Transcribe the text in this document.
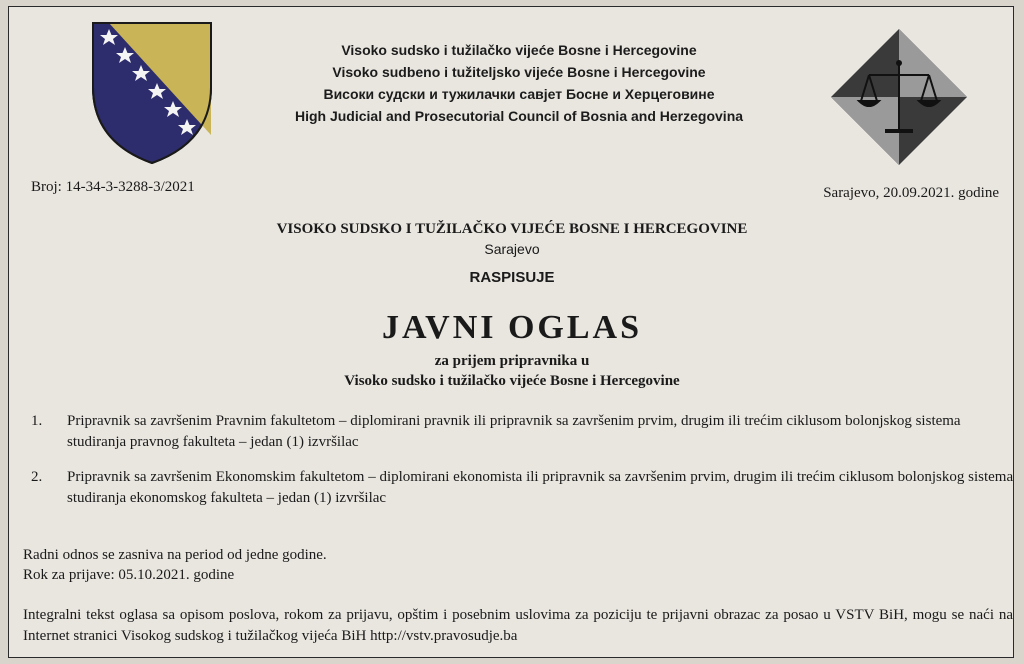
Visoko sudsko i tužilačko vijeće Bosne i Hercegovine
Visoko sudbeno i tužiteljsko vijeće Bosne i Hercegovine
Високи судски и тужилачки савјет Босне и Херцеговине
High Judicial and Prosecutorial Council of Bosnia and Herzegovina
Broj: 14-34-3-3288-3/2021	Sarajevo, 20.09.2021. godine
VISOKO SUDSKO I TUŽILAČKO VIJEĆE BOSNE I HERCEGOVINE
Sarajevo
RASPISUJE
JAVNI OGLAS
za prijem pripravnika u
Visoko sudsko i tužilačko vijeće Bosne i Hercegovine
1.	Pripravnik sa završenim Pravnim fakultetom – diplomirani pravnik ili pripravnik sa završenim prvim, drugim ili trećim ciklusom bolonjskog sistema studiranja pravnog fakulteta – jedan (1) izvršilac
2.	Pripravnik sa završenim Ekonomskim fakultetom – diplomirani ekonomista ili pripravnik sa završenim prvim, drugim ili trećim ciklusom bolonjskog sistema studiranja ekonomskog fakulteta – jedan (1) izvršilac
Radni odnos se zasniva na period od jedne godine.
Rok za prijave: 05.10.2021. godine
Integralni tekst oglasa sa opisom poslova, rokom za prijavu, opštim i posebnim uslovima za poziciju te prijavni obrazac za posao u VSTV BiH, mogu se naći na Internet stranici Visokog sudskog i tužilačkog vijeća BiH http://vstv.pravosudje.ba
